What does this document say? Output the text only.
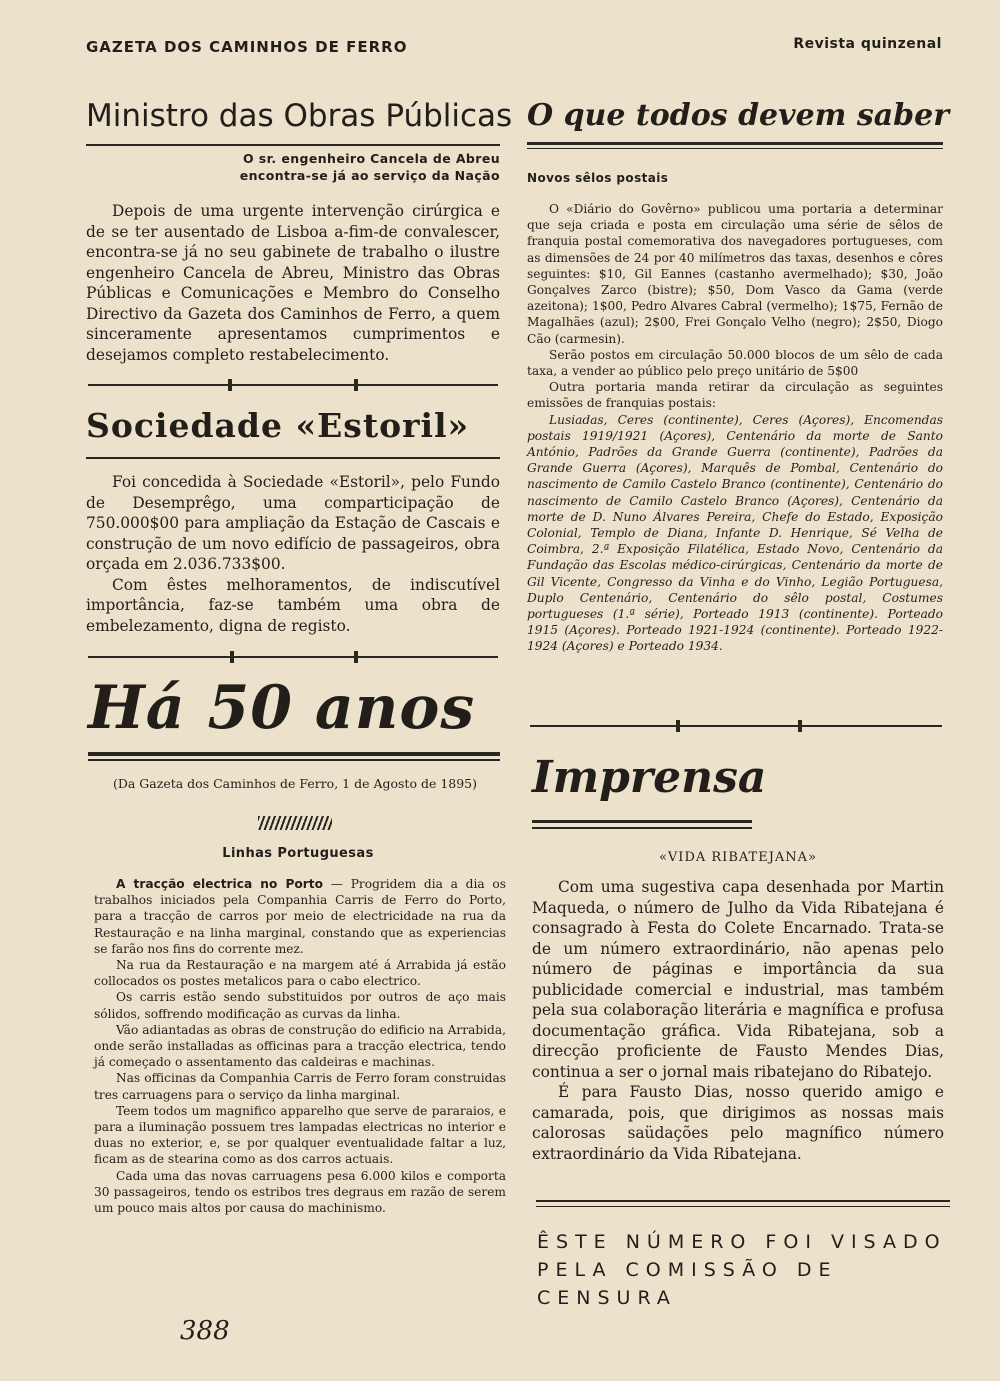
GAZETA DOS CAMINHOS DE FERRO	Revista quinzenal
Ministro das Obras Públicas
O sr. engenheiro Cancela de Abreu
encontra-se já ao serviço da Nação

Depois de uma urgente intervenção cirúrgica e de se ter ausentado de Lisboa a-fim-de convalescer, encontra-se já no seu gabinete de trabalho o ilustre engenheiro Cancela de Abreu, Ministro das Obras Públicas e Comunicações e Membro do Conselho Directivo da Gazeta dos Caminhos de Ferro, a quem sinceramente apresentamos cumprimentos e desejamos completo restabelecimento.

Sociedade «Estoril»

Foi concedida à Sociedade «Estoril», pelo Fundo de Desemprêgo, uma comparticipação de 750.000$00 para ampliação da Estação de Cascais e construção de um novo edifício de passageiros, obra orçada em 2.036.733$00.

Com êstes melhoramentos, de indiscutível importância, faz-se também uma obra de embelezamento, digna de registo.

Há 50 anos
(Da Gazeta dos Caminhos de Ferro, 1 de Agosto de 1895)
Linhas Portuguesas

A tracção electrica no Porto — Progridem dia a dia os trabalhos iniciados pela Companhia Carris de Ferro do Porto, para a tracção de carros por meio de electricidade na rua da Restauração e na linha marginal, constando que as experiencias se farão nos fins do corrente mez.

Na rua da Restauração e na margem até á Arrabida já estão collocados os postes metalicos para o cabo electrico.

Os carris estão sendo substituidos por outros de aço mais sólidos, soffrendo modificação as curvas da linha.

Vão adiantadas as obras de construção do edificio na Arrabida, onde serão installadas as officinas para a tracção electrica, tendo já começado o assentamento das caldeiras e machinas.

Nas officinas da Companhia Carris de Ferro foram construidas tres carruagens para o serviço da linha marginal.

Teem todos um magnifico apparelho que serve de pararaios, e para a iluminação possuem tres lampadas electricas no interior e duas no exterior, e, se por qualquer eventualidade faltar a luz, ficam as de stearina como as dos carros actuais.

Cada uma das novas carruagens pesa 6.000 kilos e comporta 30 passageiros, tendo os estribos tres degraus em razão de serem um pouco mais altos por causa do machinismo.

388
O que todos devem saber
Novos sêlos postais

O «Diário do Govêrno» publicou uma portaria a determinar que seja criada e posta em circulação uma série de sêlos de franquia postal comemorativa dos navegadores portugueses, com as dimensões de 24 por 40 milímetros das taxas, desenhos e côres seguintes: $10, Gil Eannes (castanho avermelhado); $30, João Gonçalves Zarco (bistre); $50, Dom Vasco da Gama (verde azeitona); 1$00, Pedro Alvares Cabral (vermelho); 1$75, Fernão de Magalhães (azul); 2$00, Frei Gonçalo Velho (negro); 2$50, Diogo Cão (carmesin).

Serão postos em circulação 50.000 blocos de um sêlo de cada taxa, a vender ao público pelo preço unitário de 5$00

Outra portaria manda retirar da circulação as seguintes emissões de franquias postais:

Lusiadas, Ceres (continente), Ceres (Açores), Encomendas postais 1919/1921 (Açores), Centenário da morte de Santo António, Padrões da Grande Guerra (continente), Padrões da Grande Guerra (Açores), Marquês de Pombal, Centenário do nascimento de Camilo Castelo Branco (continente), Centenário do nascimento de Camilo Castelo Branco (Açores), Centenário da morte de D. Nuno Álvares Pereira, Chefe do Estado, Exposição Colonial, Templo de Diana, Infante D. Henrique, Sé Velha de Coimbra, 2.ª Exposição Filatélica, Estado Novo, Centenário da Fundação das Escolas médico-cirúrgicas, Centenário da morte de Gil Vicente, Congresso da Vinha e do Vinho, Legião Portuguesa, Duplo Centenário, Centenário do sêlo postal, Costumes portugueses (1.ª série), Porteado 1913 (continente). Porteado 1915 (Açores). Porteado 1921-1924 (continente). Porteado 1922-1924 (Açores) e Porteado 1934.

Imprensa
«VIDA RIBATEJANA»

Com uma sugestiva capa desenhada por Martin Maqueda, o número de Julho da Vida Ribatejana é consagrado à Festa do Colete Encarnado. Trata-se de um número extraordinário, não apenas pelo número de páginas e importância da sua publicidade comercial e industrial, mas também pela sua colaboração literária e magnífica e profusa documentação gráfica. Vida Ribatejana, sob a direcção proficiente de Fausto Mendes Dias, continua a ser o jornal mais ribatejano do Ribatejo.

É para Fausto Dias, nosso querido amigo e camarada, pois, que dirigimos as nossas mais calorosas saüdações pelo magnífico número extraordinário da Vida Ribatejana.

ÊSTE NÚMERO FOI VISADO
PELA COMISSÃO DE CENSURA
